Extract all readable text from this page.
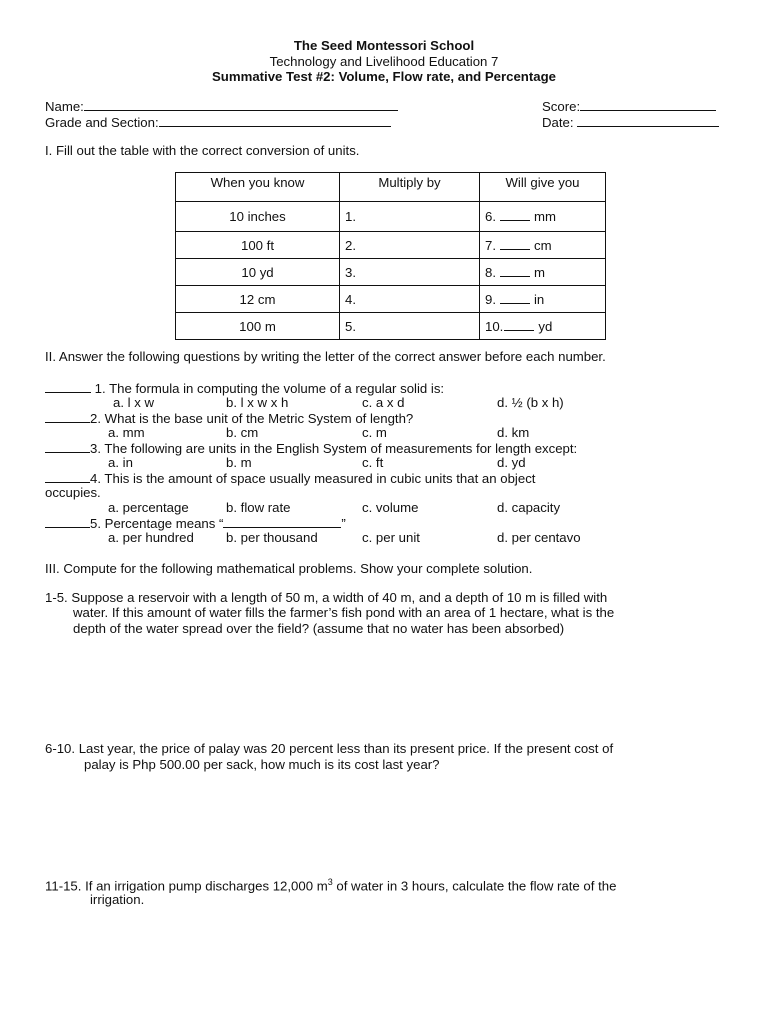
The Seed Montessori School
Technology and Livelihood Education 7
Summative Test #2: Volume, Flow rate, and Percentage
Name:
Grade and Section:
Score:
Date:
I. Fill out the table with the correct conversion of units.
When you know	Multiply by	Will give you
10 inches	1.	6. mm
100 ft	2.	7. cm
10 yd	3.	8. m
12 cm	4.	9. in
100 m	5.	10. yd
II. Answer the following questions by writing the letter of the correct answer before each number.
1. The formula in computing the volume of a regular solid is:
a. l x w	b. l x w x h	c. a x d	d. ½ (b x h)
2. What is the base unit of the Metric System of length?
a. mm	b. cm	c. m	d. km
3. The following are units in the English System of measurements for length except:
a. in	b. m	c. ft	d. yd
4. This is the amount of space usually measured in cubic units that an object
occupies.
a. percentage	b. flow rate	c. volume	d. capacity
5. Percentage means “	”
a. per hundred b. per thousand	c. per unit	d. per centavo
III. Compute for the following mathematical problems. Show your complete solution.
1-5. Suppose a reservoir with a length of 50 m, a width of 40 m, and a depth of 10 m is filled with
water. If this amount of water fills the farmer’s fish pond with an area of 1 hectare, what is the
depth of the water spread over the field? (assume that no water has been absorbed)
6-10. Last year, the price of palay was 20 percent less than its present price. If the present cost of
palay is Php 500.00 per sack, how much is its cost last year?
11-15. If an irrigation pump discharges 12,000 $m^3$ of water in 3 hours, calculate the flow rate of the
irrigation.
